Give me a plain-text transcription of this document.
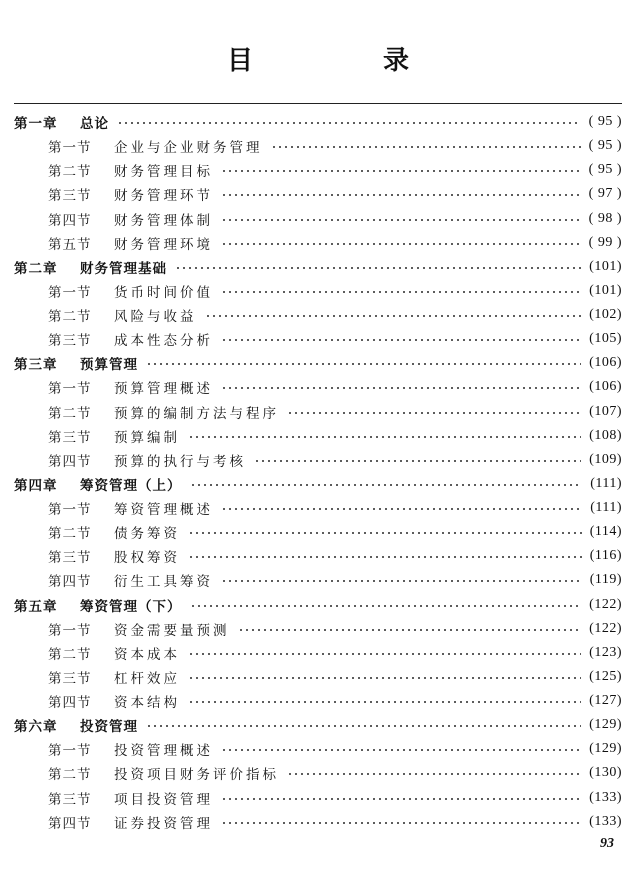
目　录
第一章	总论	( 95 )
第一节	企业与企业财务管理	( 95 )
第二节	财务管理目标	( 95 )
第三节	财务管理环节	( 97 )
第四节	财务管理体制	( 98 )
第五节	财务管理环境	( 99 )
第二章	财务管理基础	(101)
第一节	货币时间价值	(101)
第二节	风险与收益	(102)
第三节	成本性态分析	(105)
第三章	预算管理	(106)
第一节	预算管理概述	(106)
第二节	预算的编制方法与程序	(107)
第三节	预算编制	(108)
第四节	预算的执行与考核	(109)
第四章	筹资管理（上）	(111)
第一节	筹资管理概述	(111)
第二节	债务筹资	(114)
第三节	股权筹资	(116)
第四节	衍生工具筹资	(119)
第五章	筹资管理（下）	(122)
第一节	资金需要量预测	(122)
第二节	资本成本	(123)
第三节	杠杆效应	(125)
第四节	资本结构	(127)
第六章	投资管理	(129)
第一节	投资管理概述	(129)
第二节	投资项目财务评价指标	(130)
第三节	项目投资管理	(133)
第四节	证券投资管理	(133)
93
